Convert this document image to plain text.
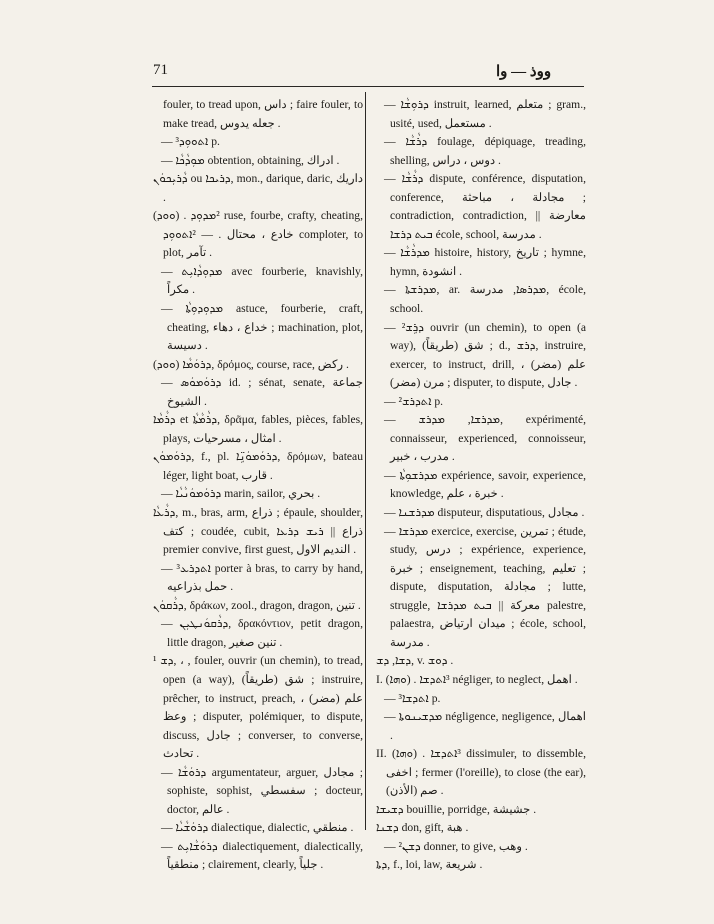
71	ووذ — وا

fouler, to tread upon, داس ; faire fouler, to make tread, جعله يدوس .

— ³ܐܬܘܘܼܕ p.

— ܡܘܼܕܵܟܵܐ obtention, obtaining, ادراك .

ܕܵܪܝܼܟܘܿܢ ou ܕܪܝܟܐ, mon., darique, daric, داريك .

(ܘܘܕ) . ²ܡܕܘܼܕ ruse, fourbe, crafty, cheating, خادع ، محتال . — ²ܐܬܘܘܼܕ comploter, to plot, تآمر .

— ܡܕܘܼܕܵܐܝܼܬ avec fourberie, knavishly, مكراً .

— ܡܕܘܼܕܘܼܬܵܐ astuce, fourberie, craft, cheating, خداع ، دهاء ; machination, plot, دسيسة .

(ܘܘܕ) ܕܪܘܿܡܵܐ, δρόμος, course, race, ركض .

— ܕܪܘܿܡܘܿܣ id. ; sénat, senate, جماعة الشيوخ .

ܕܪܵܡܵܐ et ܕܪܵܡܵܬܵܐ, δρᾶμα, fables, pièces, fables, plays, امثال ، مسرحيات .

ܕܪܘܿܡܘܿܢ, f., pl. ܕܪܘܿܡܘܿܢܹ̈ܐ, δρόμων, bateau léger, light boat, قارب .

— ܕܪܘܿܡܘܿܢܵܝܵܐ marin, sailor, بحري .

ܕܪܵܥܵܐ, m., bras, arm, ذراع ; épaule, shoulder, كتف ; coudée, cubit, ذراع || ܪܝܫ ܕܪܥܐ premier convive, first guest, النديم الاول .

— ³ܐܬܕܪܥ porter à bras, to carry by hand, حمل بذراعيه .

ܕܪܵܩܘܿܢ, δράκων, zool., dragon, dragon, تنين .

— ܕܪܵܩܘܿܢܛܝܼܢ, δρακόντιον, petit dragon, little dragon, تنين صغير .

¹ ܕܫ, ، , fouler, ouvrir (un chemin), to tread, open (a way), شق (طريقاً) ; instruire, prêcher, to instruct, preach, علم (مضر) ، وعظ ; disputer, polémiquer, to dispute, discuss, جادل ; converser, to converse, تحادث .

— ܕܪܘܿܫܵܐ argumentateur, arguer, مجادل ; sophiste, sophist, سفسطي ; docteur, doctor, عالم .

— ܕܪܘܿܫܵܝܵܐ dialectique, dialectic, منطقي .

— ܕܪܘܿܫܵܐܝܼܬ dialectiquement, dialectically, منطقياً ; clairement, clearly, جلياً .

— ܕܪܘܼܫܵܐ instruit, learned, متعلم ; gram., usité, used, مستعمل .

— ܕܪܵܫܵܐ foulage, dépiquage, treading, shelling, دوس ، دراس .

— ܕܪܵܫܵܐ dispute, conférence, disputation, conference, مجادلة ، مباحثة ; contradiction, contradiction, معارضة || ܒܝܬ ܕܪܫܐ école, school, مدرسة .

— ܡܕܪܵܫܵܐ histoire, history, تاريخ ; hymne, hymn, انشودة .

— ܡܕܪܫܬܐ, ar. ܡܕܪܣܐ, مدرسة, école, school.

— ²ܕܪܹܫ ouvrir (un chemin), to open (a way), شق (طريقاً) ; d., ܕܪܫ, instruire, exercer, to instruct, drill, علم (مضر) ، مرن (مضر) ; disputer, to dispute, جادل .

— ²ܐܬܕܪܫ p.

— ܡܕܪܫܐ, ܡܕܪܫ, expérimenté, connaisseur, experienced, connoisseur, مدرب ، خبير .

— ܡܕܪܫܘܼܬܵܐ expérience, savoir, experience, knowledge, خبرة ، علم .

— ܡܕܪܫܢܐ disputeur, disputatious, مجادل .

— ܡܕܪܫܐ exercice, exercise, تمرين ; étude, study, درس ; expérience, experience, خبرة ; enseignement, teaching, تعليم ; dispute, disputation, مجادلة ; lutte, struggle, معركة || ܒܝܬ ܡܕܪܫܐ palestre, palaestra, ميدان ارتياض ; école, school, مدرسة .

ܕܫܐ, ܕܫ, v. ܕܘܫ .

I. (ܘܗܐ) . ³ܐܬܕܫܐ négliger, to neglect, اهمل .

— ³ܐܬܕܫܐ p.

— ܡܕܫܝܢܘܬܐ négligence, negligence, اهمال .

II. (ܘܗܐ) . ³ܐܬܕܫܐ dissimuler, to dissemble, اخفى ; fermer (l'oreille), to close (the ear), صم (الأذن) .

ܕܫܝܫܐ bouillie, porridge, جشيشة .

ܕܫܢܐ don, gift, هبة .

— ²ܕܫܢ donner, to give, وهب .

ܕܬܐ, f., loi, law, شريعة .
